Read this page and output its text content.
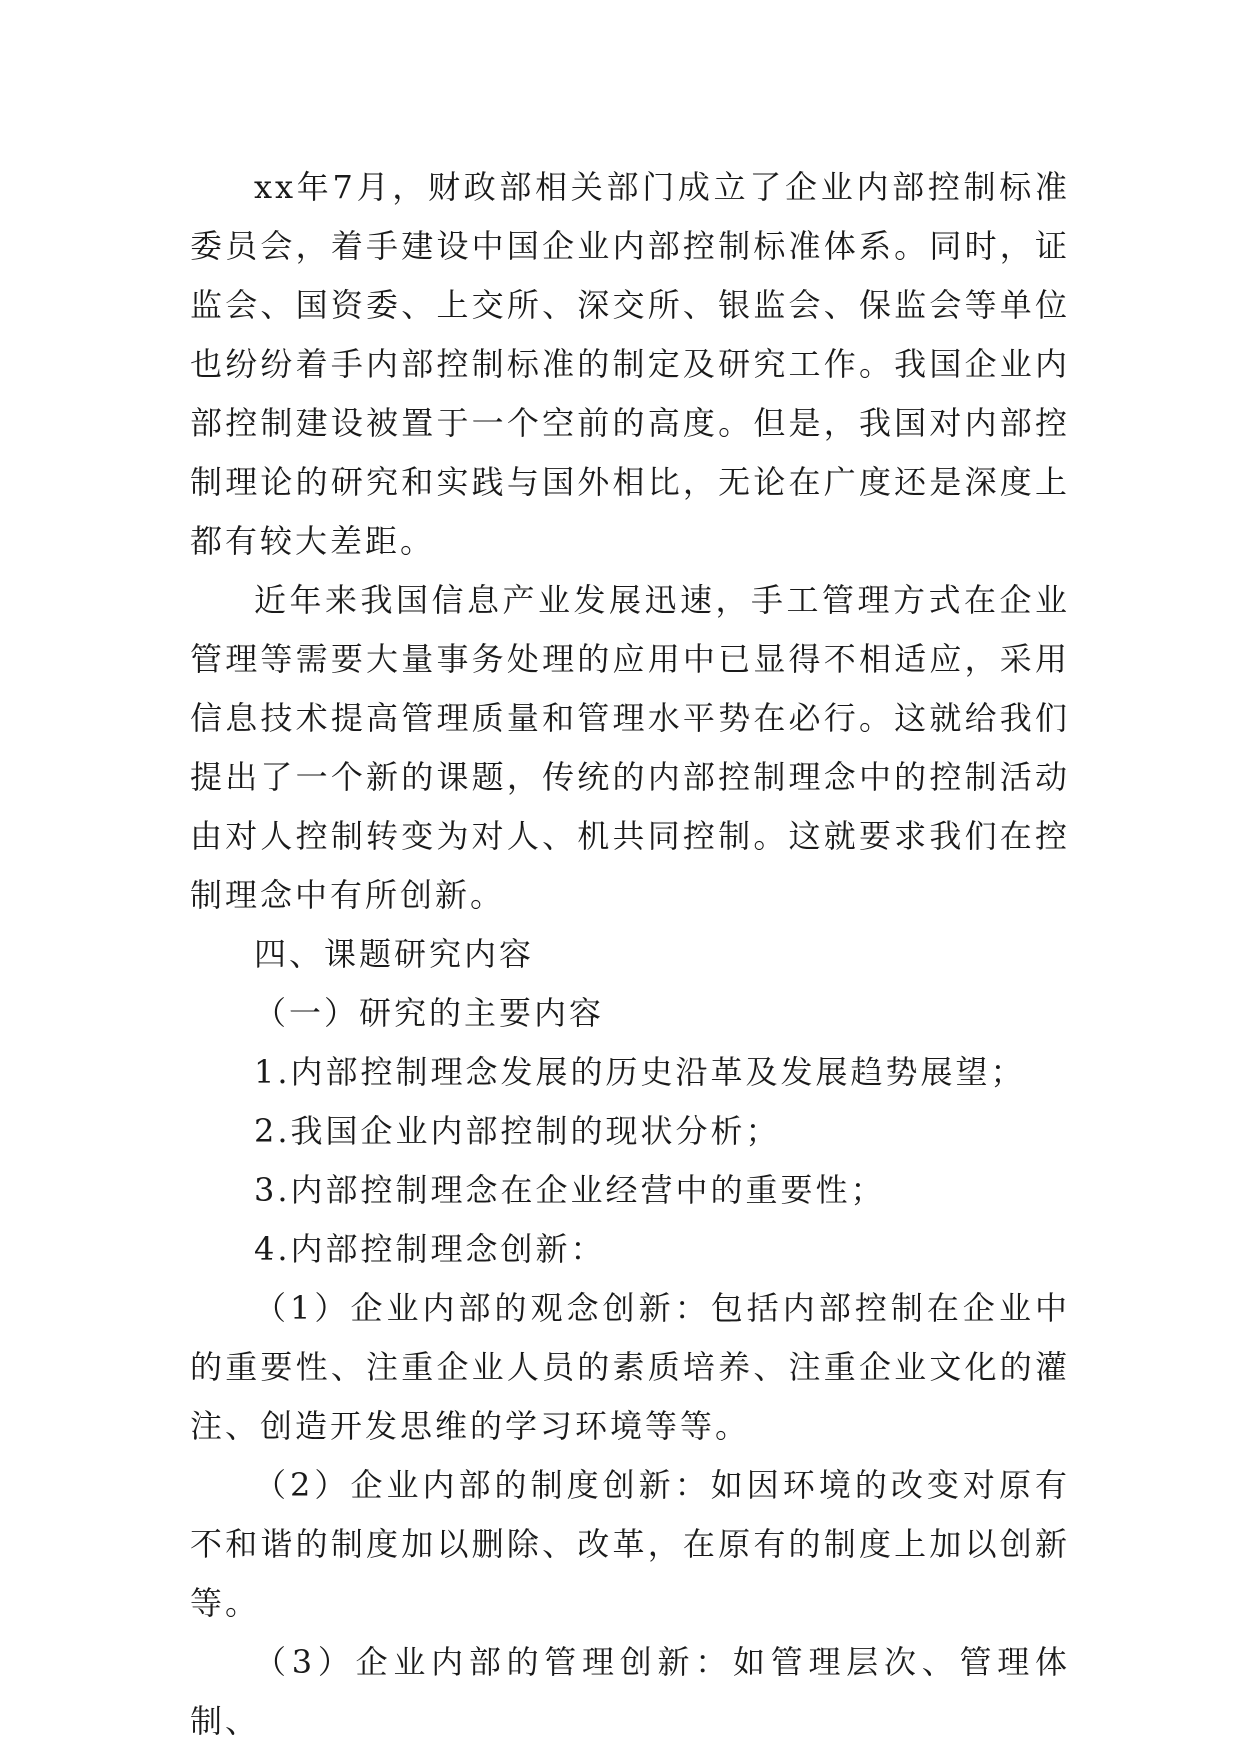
xx年7月，财政部相关部门成立了企业内部控制标准委员会，着手建设中国企业内部控制标准体系。同时，证监会、国资委、上交所、深交所、银监会、保监会等单位也纷纷着手内部控制标准的制定及研究工作。我国企业内部控制建设被置于一个空前的高度。但是，我国对内部控制理论的研究和实践与国外相比，无论在广度还是深度上都有较大差距。

近年来我国信息产业发展迅速，手工管理方式在企业管理等需要大量事务处理的应用中已显得不相适应，采用信息技术提高管理质量和管理水平势在必行。这就给我们提出了一个新的课题，传统的内部控制理念中的控制活动由对人控制转变为对人、机共同控制。这就要求我们在控制理念中有所创新。

四、课题研究内容

（一）研究的主要内容

1.内部控制理念发展的历史沿革及发展趋势展望；

2.我国企业内部控制的现状分析；

3.内部控制理念在企业经营中的重要性；

4.内部控制理念创新：

（1）企业内部的观念创新：包括内部控制在企业中的重要性、注重企业人员的素质培养、注重企业文化的灌注、创造开发思维的学习环境等等。

（2）企业内部的制度创新：如因环境的改变对原有不和谐的制度加以删除、改革，在原有的制度上加以创新等。

（3）企业内部的管理创新：如管理层次、管理体制、
